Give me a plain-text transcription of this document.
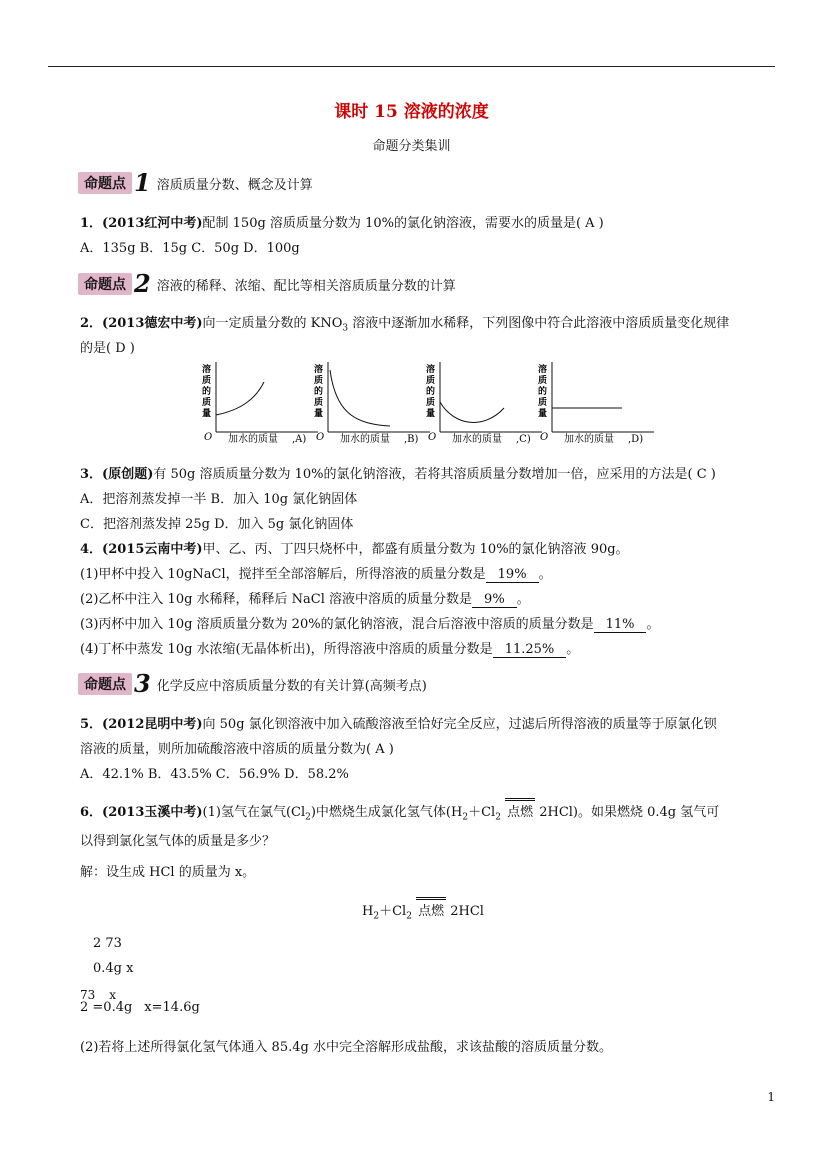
课时 15 溶液的浓度
命题分类集训
命题点 1 溶质质量分数、概念及计算
1．(2013红河中考)配制 150g 溶质质量分数为 10%的氯化钠溶液，需要水的质量是( A )
A．135g B．15g C．50g D．100g
命题点 2 溶液的稀释、浓缩、配比等相关溶质质量分数的计算
2．(2013德宏中考)向一定质量分数的 $KNO_3$ 溶液中逐渐加水稀释，下列图像中符合此溶液中溶质质量变化规律
的是( D )
溶
质
的
质
量
O 加水的质量 ,A)
溶
质
的
质
量
O 加水的质量 ,B)
溶
质
的
质
量
O 加水的质量 ,C)
溶
质
的
质
量
O 加水的质量 ,D)
3．(原创题)有 50g 溶质质量分数为 10%的氯化钠溶液，若将其溶质质量分数增加一倍，应采用的方法是( C )
A．把溶剂蒸发掉一半 B．加入 10g 氯化钠固体
C．把溶剂蒸发掉 25g D．加入 5g 氯化钠固体
4．(2015云南中考)甲、乙、丙、丁四只烧杯中，都盛有质量分数为 10%的氯化钠溶液 90g。
(1)甲杯中投入 10gNaCl，搅拌至全部溶解后，所得溶液的质量分数是 19% 。
(2)乙杯中注入 10g 水稀释，稀释后 NaCl 溶液中溶质的质量分数是 9% 。
(3)丙杯中加入 10g 溶质质量分数为 20%的氯化钠溶液，混合后溶液中溶质的质量分数是 11% 。
(4)丁杯中蒸发 10g 水浓缩(无晶体析出)，所得溶液中溶质的质量分数是 11.25% 。
命题点 3 化学反应中溶质质量分数的有关计算(高频考点)
5．(2012昆明中考)向 50g 氯化钡溶液中加入硫酸溶液至恰好完全反应，过滤后所得溶液的质量等于原氯化钡
溶液的质量，则所加硫酸溶液中溶质的质量分数为( A )
A．42.1% B．43.5% C．56.9% D．58.2%
6．(2013玉溪中考)(1)氢气在氯气$(Cl_2)$中燃烧生成氯化氢气体($H_2+Cl_2$ 点燃 2HCl)。如果燃烧 0.4g 氢气可
以得到氯化氢气体的质量是多少？
解：设生成 HCl 的质量为 x。
$H_2+Cl_2$ 点燃 2HCl
2 73
0.4g x
73 x
2 =0.4g x=14.6g
(2)若将上述所得氯化氢气体通入 85.4g 水中完全溶解形成盐酸，求该盐酸的溶质质量分数。
1
